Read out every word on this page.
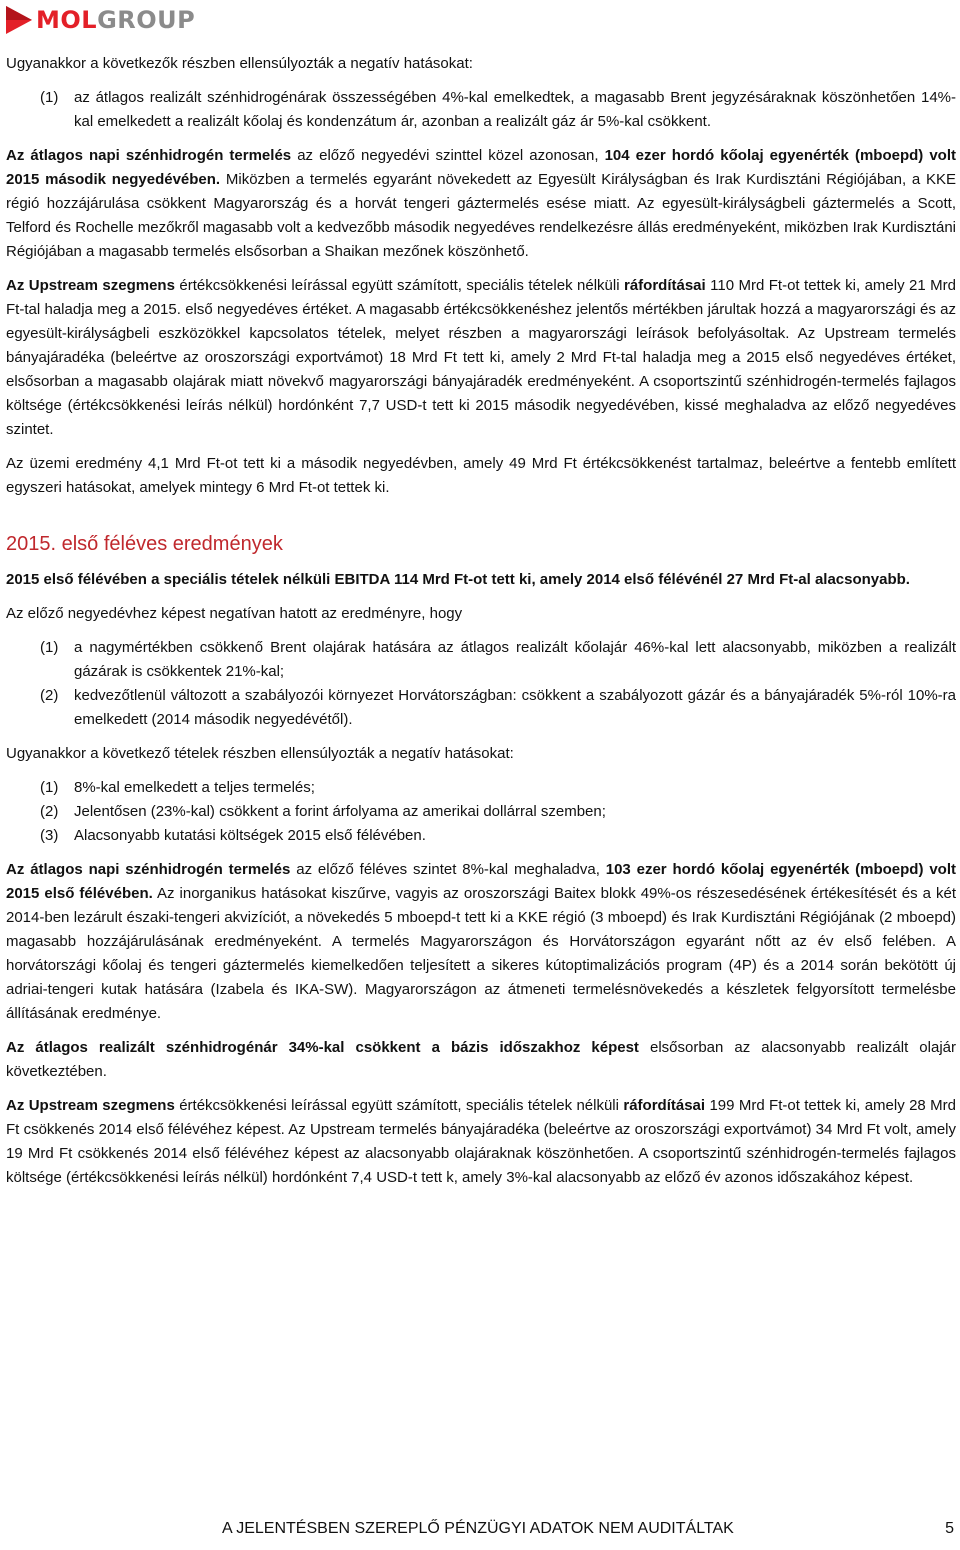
MOLGROUP

Ugyanakkor a következők részben ellensúlyozták a negatív hatásokat:

(1)	az átlagos realizált szénhidrogénárak összességében 4%-kal emelkedtek, a magasabb Brent jegyzésáraknak köszönhetően 14%-kal emelkedett a realizált kőolaj és kondenzátum ár, azonban a realizált gáz ár 5%-kal csökkent.

Az átlagos napi szénhidrogén termelés az előző negyedévi szinttel közel azonosan, 104 ezer hordó kőolaj egyenérték (mboepd) volt 2015 második negyedévében. Miközben a termelés egyaránt növekedett az Egyesült Királyságban és Irak Kurdisztáni Régiójában, a KKE régió hozzájárulása csökkent Magyarország és a horvát tengeri gáztermelés esése miatt. Az egyesült-királyságbeli gáztermelés a Scott, Telford és Rochelle mezőkről magasabb volt a kedvezőbb második negyedéves rendelkezésre állás eredményeként, miközben Irak Kurdisztáni Régiójában a magasabb termelés elsősorban a Shaikan mezőnek köszönhető.

Az Upstream szegmens értékcsökkenési leírással együtt számított, speciális tételek nélküli ráfordításai 110 Mrd Ft-ot tettek ki, amely 21 Mrd Ft-tal haladja meg a 2015. első negyedéves értéket. A magasabb értékcsökkenéshez jelentős mértékben járultak hozzá a magyarországi és az egyesült-királyságbeli eszközökkel kapcsolatos tételek, melyet részben a magyarországi leírások befolyásoltak. Az Upstream termelés bányajáradéka (beleértve az oroszországi exportvámot) 18 Mrd Ft tett ki, amely 2 Mrd Ft-tal haladja meg a 2015 első negyedéves értéket, elsősorban a magasabb olajárak miatt növekvő magyarországi bányajáradék eredményeként. A csoportszintű szénhidrogén-termelés fajlagos költsége (értékcsökkenési leírás nélkül) hordónként 7,7 USD-t tett ki 2015 második negyedévében, kissé meghaladva az előző negyedéves szintet.

Az üzemi eredmény 4,1 Mrd Ft-ot tett ki a második negyedévben, amely 49 Mrd Ft értékcsökkenést tartalmaz, beleértve a fentebb említett egyszeri hatásokat, amelyek mintegy 6 Mrd Ft-ot tettek ki.

2015. első féléves eredmények

2015 első félévében a speciális tételek nélküli EBITDA 114 Mrd Ft-ot tett ki, amely 2014 első félévénél 27 Mrd Ft-al alacsonyabb.

Az előző negyedévhez képest negatívan hatott az eredményre, hogy

(1)	a nagymértékben csökkenő Brent olajárak hatására az átlagos realizált kőolajár 46%-kal lett alacsonyabb, miközben a realizált gázárak is csökkentek 21%-kal;
(2)	kedvezőtlenül változott a szabályozói környezet Horvátországban: csökkent a szabályozott gázár és a bányajáradék 5%-ról 10%-ra emelkedett (2014 második negyedévétől).

Ugyanakkor a következő tételek részben ellensúlyozták a negatív hatásokat:

(1)	8%-kal emelkedett a teljes termelés;
(2)	Jelentősen (23%-kal) csökkent a forint árfolyama az amerikai dollárral szemben;
(3)	Alacsonyabb kutatási költségek 2015 első félévében.

Az átlagos napi szénhidrogén termelés az előző féléves szintet 8%-kal meghaladva, 103 ezer hordó kőolaj egyenérték (mboepd) volt 2015 első félévében. Az inorganikus hatásokat kiszűrve, vagyis az oroszországi Baitex blokk 49%-os részesedésének értékesítését és a két 2014-ben lezárult északi-tengeri akvizíciót, a növekedés 5 mboepd-t tett ki a KKE régió (3 mboepd) és Irak Kurdisztáni Régiójának (2 mboepd) magasabb hozzájárulásának eredményeként. A termelés Magyarországon és Horvátországon egyaránt nőtt az év első felében. A horvátországi kőolaj és tengeri gáztermelés kiemelkedően teljesített a sikeres kútoptimalizációs program (4P) és a 2014 során bekötött új adriai-tengeri kutak hatására (Izabela és IKA-SW). Magyarországon az átmeneti termelésnövekedés a készletek felgyorsított termelésbe állításának eredménye.

Az átlagos realizált szénhidrogénár 34%-kal csökkent a bázis időszakhoz képest elsősorban az alacsonyabb realizált olajár következtében.

Az Upstream szegmens értékcsökkenési leírással együtt számított, speciális tételek nélküli ráfordításai 199 Mrd Ft-ot tettek ki, amely 28 Mrd Ft csökkenés 2014 első félévéhez képest. Az Upstream termelés bányajáradéka (beleértve az oroszországi exportvámot) 34 Mrd Ft volt, amely 19 Mrd Ft csökkenés 2014 első félévéhez képest az alacsonyabb olajáraknak köszönhetően. A csoportszintű szénhidrogén-termelés fajlagos költsége (értékcsökkenési leírás nélkül) hordónként 7,4 USD-t tett k, amely 3%-kal alacsonyabb az előző év azonos időszakához képest.

A JELENTÉSBEN SZEREPLŐ PÉNZÜGYI ADATOK NEM AUDITÁLTAK	5
